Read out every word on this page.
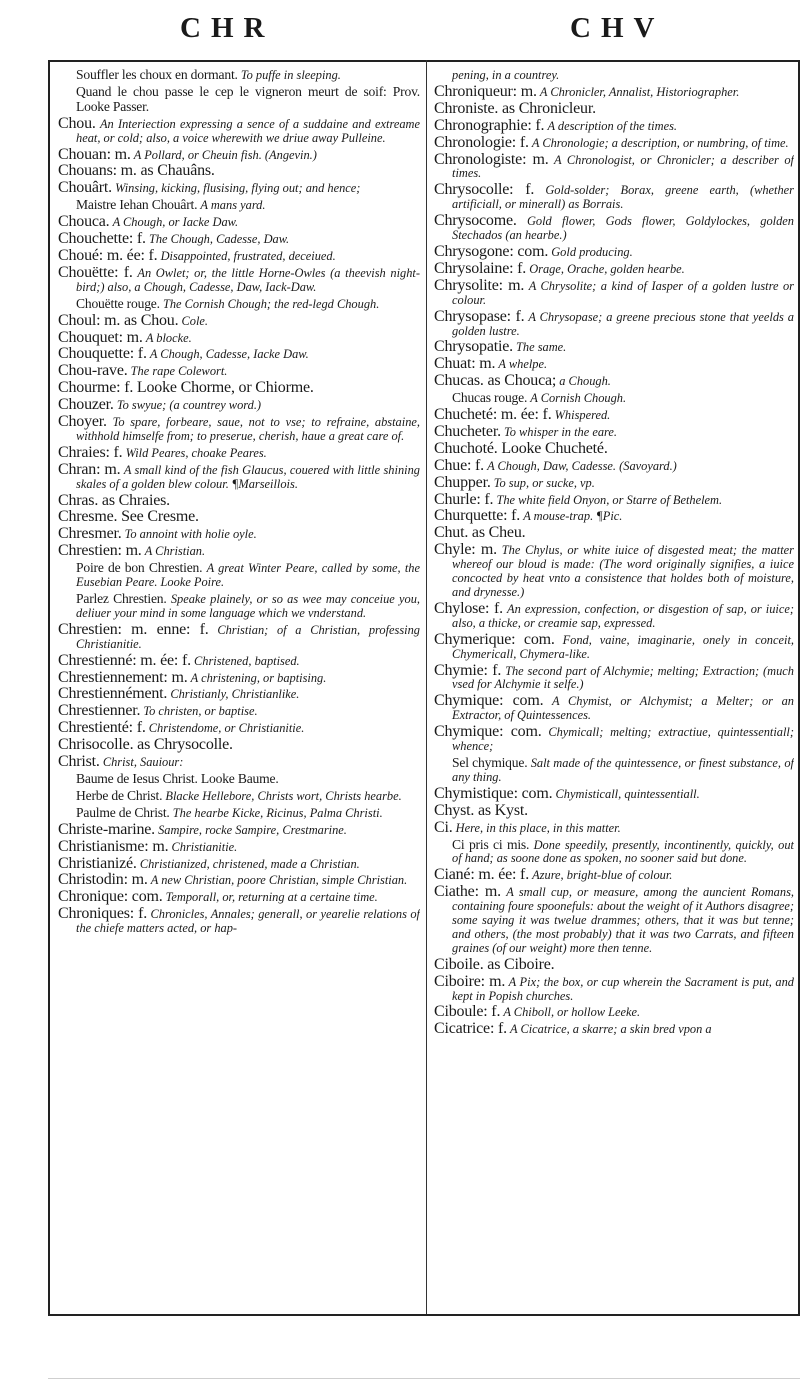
CHR	CHV

Souffler les choux en dormant. To puffe in sleeping.

Quand le chou passe le cep le vigneron meurt de soif: Prov. Looke Passer.

Chou. An Interiection expressing a sence of a suddaine and extreame heat, or cold; also, a voice wherewith we driue away Pulleine.

Chouan: m. A Pollard, or Cheuin fish. (Angevin.)

Chouans: m. as Chauâns.

Chouârt. Winsing, kicking, flusising, flying out; and hence;

Maistre Iehan Chouârt. A mans yard.

Chouca. A Chough, or Iacke Daw.

Chouchette: f. The Chough, Cadesse, Daw.

Choué: m. ée: f. Disappointed, frustrated, deceiued.

Chouëtte: f. An Owlet; or, the little Horne-Owles (a theevish night-bird;) also, a Chough, Cadesse, Daw, Iack-Daw.

Chouëtte rouge. The Cornish Chough; the red-legd Chough.

Choul: m. as Chou. Cole.

Chouquet: m. A blocke.

Chouquette: f. A Chough, Cadesse, Iacke Daw.

Chou-rave. The rape Colewort.

Chourme: f. Looke Chorme, or Chiorme.

Chouzer. To swyue; (a countrey word.)

Choyer. To spare, forbeare, saue, not to vse; to refraine, abstaine, withhold himselfe from; to preserue, cherish, haue a great care of.

Chraies: f. Wild Peares, choake Peares.

Chran: m. A small kind of the fish Glaucus, couered with little shining skales of a golden blew colour. ¶Marseillois.

Chras. as Chraies.

Chresme. See Cresme.

Chresmer. To annoint with holie oyle.

Chrestien: m. A Christian.

Poire de bon Chrestien. A great Winter Peare, called by some, the Eusebian Peare. Looke Poire.

Parlez Chrestien. Speake plainely, or so as wee may conceiue you, deliuer your mind in some language which we vnderstand.

Chrestien: m. enne: f. Christian; of a Christian, professing Christianitie.

Chrestienné: m. ée: f. Christened, baptised.

Chrestiennement: m. A christening, or baptising.

Chrestiennément. Christianly, Christianlike.

Chrestienner. To christen, or baptise.

Chrestienté: f. Christendome, or Christianitie.

Chrisocolle. as Chrysocolle.

Christ. Christ, Sauiour:

Baume de Iesus Christ. Looke Baume.

Herbe de Christ. Blacke Hellebore, Christs wort, Christs hearbe.

Paulme de Christ. The hearbe Kicke, Ricinus, Palma Christi.

Christe-marine. Sampire, rocke Sampire, Crestmarine.

Christianisme: m. Christianitie.

Christianizé. Christianized, christened, made a Christian.

Christodin: m. A new Christian, poore Christian, simple Christian.

Chronique: com. Temporall, or, returning at a certaine time.

Chroniques: f. Chronicles, Annales; generall, or yearelie relations of the chiefe matters acted, or hap-

pening, in a countrey.

Chroniqueur: m. A Chronicler, Annalist, Historiographer.

Chroniste. as Chronicleur.

Chronographie: f. A description of the times.

Chronologie: f. A Chronologie; a description, or numbring, of time.

Chronologiste: m. A Chronologist, or Chronicler; a describer of times.

Chrysocolle: f. Gold-solder; Borax, greene earth, (whether artificiall, or minerall) as Borrais.

Chrysocome. Gold flower, Gods flower, Goldylockes, golden Stechados (an hearbe.)

Chrysogone: com. Gold producing.

Chrysolaine: f. Orage, Orache, golden hearbe.

Chrysolite: m. A Chrysolite; a kind of Iasper of a golden lustre or colour.

Chrysopase: f. A Chrysopase; a greene precious stone that yeelds a golden lustre.

Chrysopatie. The same.

Chuat: m. A whelpe.

Chucas. as Chouca; a Chough.

Chucas rouge. A Cornish Chough.

Chucheté: m. ée: f. Whispered.

Chucheter. To whisper in the eare.

Chuchoté. Looke Chucheté.

Chue: f. A Chough, Daw, Cadesse. (Savoyard.)

Chupper. To sup, or sucke, vp.

Churle: f. The white field Onyon, or Starre of Bethelem.

Churquette: f. A mouse-trap. ¶Pic.

Chut. as Cheu.

Chyle: m. The Chylus, or white iuice of disgested meat; the matter whereof our bloud is made: (The word originally signifies, a iuice concocted by heat vnto a consistence that holdes both of moisture, and drynesse.)

Chylose: f. An expression, confection, or disgestion of sap, or iuice; also, a thicke, or creamie sap, expressed.

Chymerique: com. Fond, vaine, imaginarie, onely in conceit, Chymericall, Chymera-like.

Chymie: f. The second part of Alchymie; melting; Extraction; (much vsed for Alchymie it selfe.)

Chymique: com. A Chymist, or Alchymist; a Melter; or an Extractor, of Quintessences.

Chymique: com. Chymicall; melting; extractiue, quintessentiall; whence;

Sel chymique. Salt made of the quintessence, or finest substance, of any thing.

Chymistique: com. Chymisticall, quintessentiall.

Chyst. as Kyst.

Ci. Here, in this place, in this matter.

Ci pris ci mis. Done speedily, presently, incontinently, quickly, out of hand; as soone done as spoken, no sooner said but done.

Ciané: m. ée: f. Azure, bright-blue of colour.

Ciathe: m. A small cup, or measure, among the auncient Romans, containing foure spoonefuls: about the weight of it Authors disagree; some saying it was twelue drammes; others, that it was but tenne; and others, (the most probably) that it was two Carrats, and fifteen graines (of our weight) more then tenne.

Ciboile. as Ciboire.

Ciboire: m. A Pix; the box, or cup wherein the Sacrament is put, and kept in Popish churches.

Ciboule: f. A Chiboll, or hollow Leeke.

Cicatrice: f. A Cicatrice, a skarre; a skin bred vpon a
